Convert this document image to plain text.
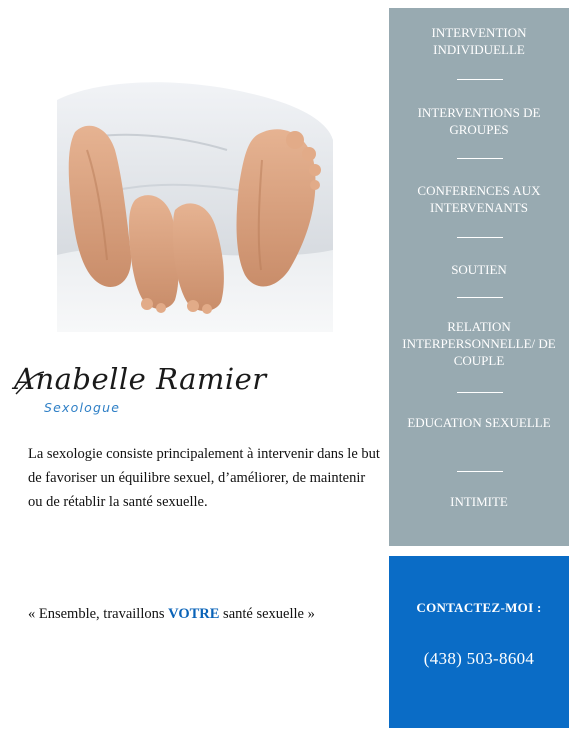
Anabelle Ramier
Sexologue

La sexologie consiste principalement à intervenir dans le but de favoriser un équilibre sexuel, d’améliorer, de maintenir ou de rétablir la santé sexuelle.

« Ensemble, travaillons VOTRE santé sexuelle »

INTERVENTION INDIVIDUELLE
INTERVENTIONS DE GROUPES
CONFERENCES AUX INTERVENANTS
SOUTIEN
RELATION INTERPERSONNELLE/ DE COUPLE
EDUCATION SEXUELLE
INTIMITE
CONTACTEZ-MOI :
(438) 503-8604
